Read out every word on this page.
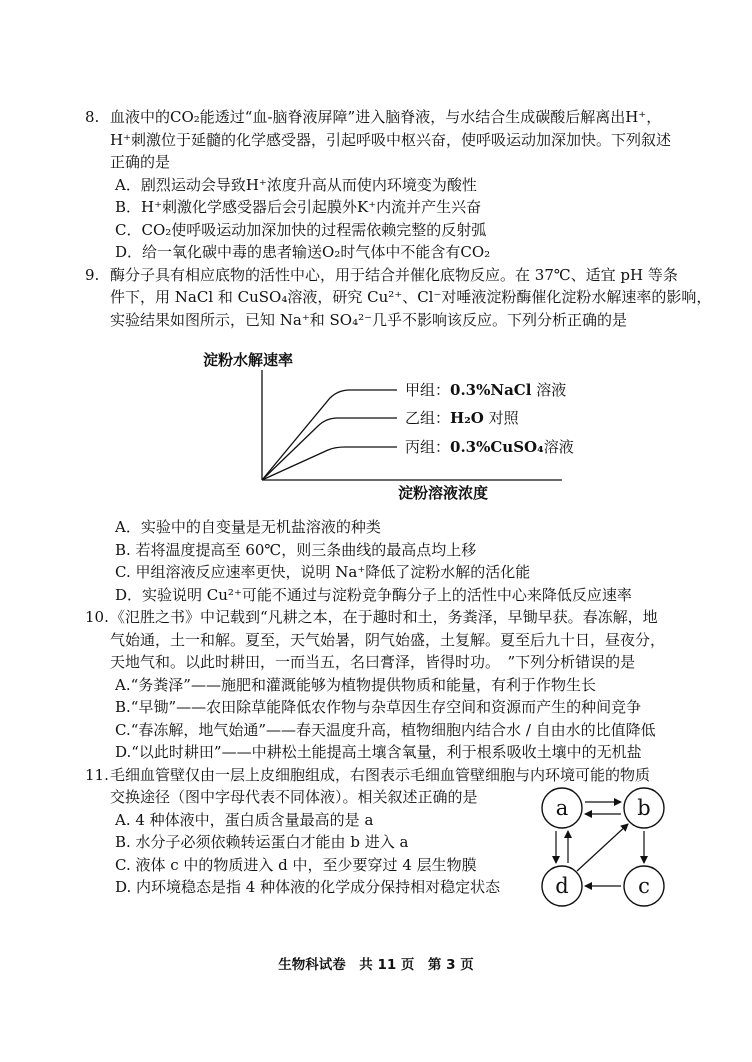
8. 血液中的CO₂能透过“血-脑脊液屏障”进入脑脊液，与水结合生成碳酸后解离出H⁺，
H⁺刺激位于延髓的化学感受器，引起呼吸中枢兴奋，使呼吸运动加深加快。下列叙述
正确的是
A．剧烈运动会导致H⁺浓度升高从而使内环境变为酸性
B．H⁺刺激化学感受器后会引起膜外K⁺内流并产生兴奋
C．CO₂使呼吸运动加深加快的过程需依赖完整的反射弧
D．给一氧化碳中毒的患者输送O₂时气体中不能含有CO₂
9. 酶分子具有相应底物的活性中心，用于结合并催化底物反应。在 37℃、适宜 pH 等条
件下，用 NaCl 和 CuSO₄溶液，研究 Cu²⁺、Cl⁻对唾液淀粉酶催化淀粉水解速率的影响，
实验结果如图所示，已知 Na⁺和 SO₄²⁻几乎不影响该反应。下列分析正确的是
淀粉水解速率
淀粉溶液浓度
甲组：0.3%NaCl 溶液
乙组：H₂O 对照
丙组：0.3%CuSO₄溶液
A．实验中的自变量是无机盐溶液的种类
B. 若将温度提高至 60℃，则三条曲线的最高点均上移
C. 甲组溶液反应速率更快，说明 Na⁺降低了淀粉水解的活化能
D．实验说明 Cu²⁺可能不通过与淀粉竞争酶分子上的活性中心来降低反应速率
10.《氾胜之书》中记载到“凡耕之本，在于趣时和土，务粪泽，早锄早获。春冻解，地
气始通，土一和解。夏至，天气始暑，阴气始盛，土复解。夏至后九十日，昼夜分，
天地气和。以此时耕田，一而当五，名曰膏泽，皆得时功。　”下列分析错误的是
A.“务粪泽”——施肥和灌溉能够为植物提供物质和能量，有利于作物生长
B.“早锄”——农田除草能降低农作物与杂草因生存空间和资源而产生的种间竞争
C.“春冻解，地气始通”——春天温度升高，植物细胞内结合水 / 自由水的比值降低
D.“以此时耕田”——中耕松土能提高土壤含氧量，利于根系吸收土壤中的无机盐
11.毛细血管壁仅由一层上皮细胞组成，右图表示毛细血管壁细胞与内环境可能的物质
交换途径（图中字母代表不同体液）。相关叙述正确的是
A. 4 种体液中，蛋白质含量最高的是 a
B. 水分子必须依赖转运蛋白才能由 b 进入 a
C. 液体 c 中的物质进入 d 中，至少要穿过 4 层生物膜
D. 内环境稳态是指 4 种体液的化学成分保持相对稳定状态
a	b
d	c
生物科试卷　共 11 页　第 3 页
